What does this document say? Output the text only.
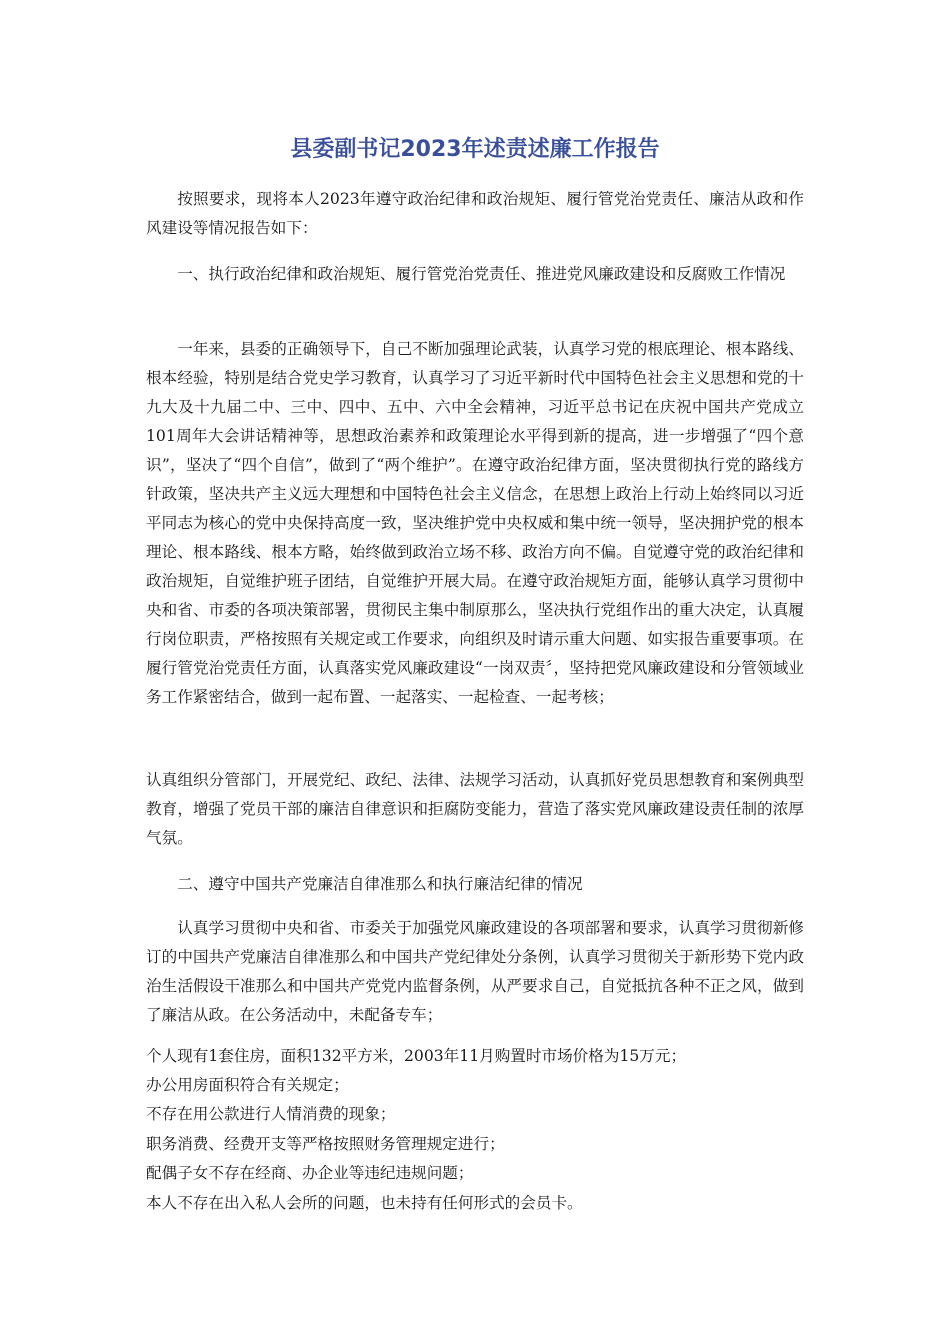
县委副书记2023年述责述廉工作报告

按照要求，现将本人2023年遵守政治纪律和政治规矩、履行管党治党责任、廉洁从政和作风建设等情况报告如下：

一、执行政治纪律和政治规矩、履行管党治党责任、推进党风廉政建设和反腐败工作情况

一年来，县委的正确领导下，自己不断加强理论武装，认真学习党的根底理论、根本路线、根本经验，特别是结合党史学习教育，认真学习了习近平新时代中国特色社会主义思想和党的十九大及十九届二中、三中、四中、五中、六中全会精神，习近平总书记在庆祝中国共产党成立101周年大会讲话精神等，思想政治素养和政策理论水平得到新的提高，进一步增强了“四个意识”，坚决了“四个自信”，做到了“两个维护”。在遵守政治纪律方面，坚决贯彻执行党的路线方针政策，坚决共产主义远大理想和中国特色社会主义信念，在思想上政治上行动上始终同以习近平同志为核心的党中央保持高度一致，坚决维护党中央权威和集中统一领导，坚决拥护党的根本理论、根本路线、根本方略，始终做到政治立场不移、政治方向不偏。自觉遵守党的政治纪律和政治规矩，自觉维护班子团结，自觉维护开展大局。在遵守政治规矩方面，能够认真学习贯彻中央和省、市委的各项决策部署，贯彻民主集中制原那么，坚决执行党组作出的重大决定，认真履行岗位职责，严格按照有关规定或工作要求，向组织及时请示重大问题、如实报告重要事项。在履行管党治党责任方面，认真落实党风廉政建设“一岗双责〞，坚持把党风廉政建设和分管领域业务工作紧密结合，做到一起布置、一起落实、一起检查、一起考核；

认真组织分管部门，开展党纪、政纪、法律、法规学习活动，认真抓好党员思想教育和案例典型教育，增强了党员干部的廉洁自律意识和拒腐防变能力，营造了落实党风廉政建设责任制的浓厚气氛。

二、遵守中国共产党廉洁自律准那么和执行廉洁纪律的情况

认真学习贯彻中央和省、市委关于加强党风廉政建设的各项部署和要求，认真学习贯彻新修订的中国共产党廉洁自律准那么和中国共产党纪律处分条例，认真学习贯彻关于新形势下党内政治生活假设干准那么和中国共产党党内监督条例，从严要求自己，自觉抵抗各种不正之风，做到了廉洁从政。在公务活动中，未配备专车；

个人现有1套住房，面积132平方米，2003年11月购置时市场价格为15万元；

办公用房面积符合有关规定；

不存在用公款进行人情消费的现象；

职务消费、经费开支等严格按照财务管理规定进行；

配偶子女不存在经商、办企业等违纪违规问题；

本人不存在出入私人会所的问题，也未持有任何形式的会员卡。
